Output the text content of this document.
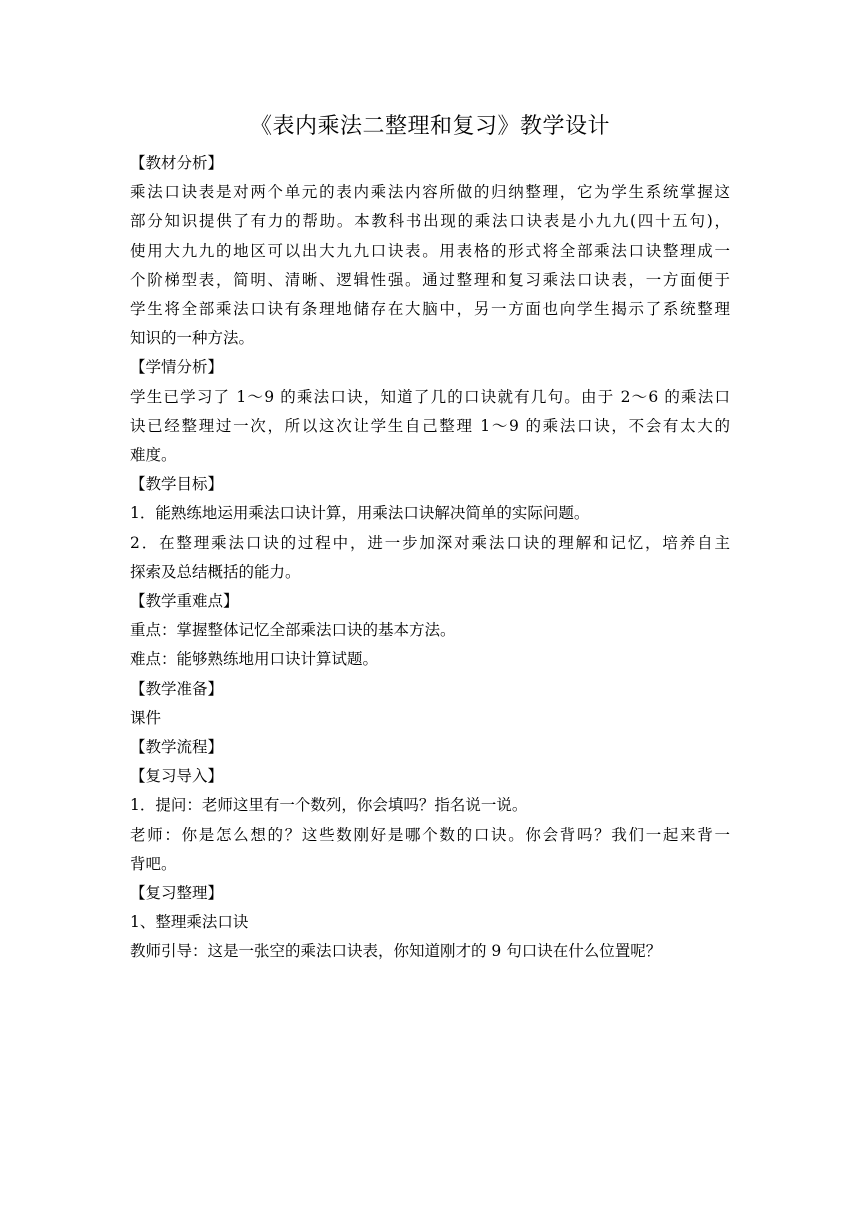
《表内乘法二整理和复习》教学设计
【教材分析】
乘法口诀表是对两个单元的表内乘法内容所做的归纳整理，它为学生系统掌握这
部分知识提供了有力的帮助。本教科书出现的乘法口诀表是小九九(四十五句)，
使用大九九的地区可以出大九九口诀表。用表格的形式将全部乘法口诀整理成一
个阶梯型表，简明、清晰、逻辑性强。通过整理和复习乘法口诀表，一方面便于
学生将全部乘法口诀有条理地储存在大脑中，另一方面也向学生揭示了系统整理
知识的一种方法。
【学情分析】
学生已学习了 1～9 的乘法口诀，知道了几的口诀就有几句。由于 2～6 的乘法口
诀已经整理过一次，所以这次让学生自己整理 1～9 的乘法口诀，不会有太大的
难度。
【教学目标】
1．能熟练地运用乘法口诀计算，用乘法口诀解决简单的实际问题。
2．在整理乘法口诀的过程中，进一步加深对乘法口诀的理解和记忆，培养自主
探索及总结概括的能力。
【教学重难点】
重点：掌握整体记忆全部乘法口诀的基本方法。
难点：能够熟练地用口诀计算试题。
【教学准备】
课件
【教学流程】
【复习导入】
1．提问：老师这里有一个数列，你会填吗？指名说一说。
老师：你是怎么想的？这些数刚好是哪个数的口诀。你会背吗？我们一起来背一
背吧。
【复习整理】
1、整理乘法口诀
教师引导：这是一张空的乘法口诀表，你知道刚才的 9 句口诀在什么位置呢？
